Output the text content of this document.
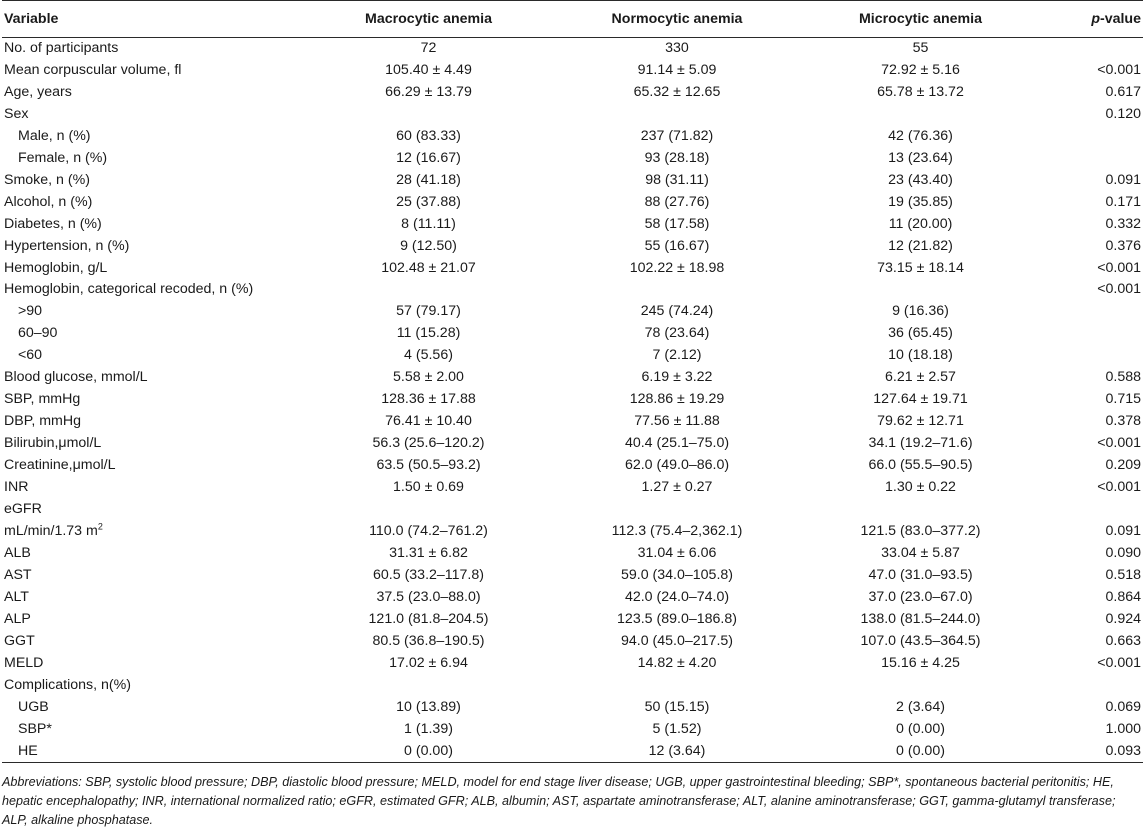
Variable	Macrocytic anemia	Normocytic anemia	Microcytic anemia	p-value
No. of participants	72	330	55	
Mean corpuscular volume, fl	105.40 ± 4.49	91.14 ± 5.09	72.92 ± 5.16	<0.001
Age, years	66.29 ± 13.79	65.32 ± 12.65	65.78 ± 13.72	0.617
Sex				0.120
Male, n (%)	60 (83.33)	237 (71.82)	42 (76.36)	
Female, n (%)	12 (16.67)	93 (28.18)	13 (23.64)	
Smoke, n (%)	28 (41.18)	98 (31.11)	23 (43.40)	0.091
Alcohol, n (%)	25 (37.88)	88 (27.76)	19 (35.85)	0.171
Diabetes, n (%)	8 (11.11)	58 (17.58)	11 (20.00)	0.332
Hypertension, n (%)	9 (12.50)	55 (16.67)	12 (21.82)	0.376
Hemoglobin, g/L	102.48 ± 21.07	102.22 ± 18.98	73.15 ± 18.14	<0.001
Hemoglobin, categorical recoded, n (%)				<0.001
>90	57 (79.17)	245 (74.24)	9 (16.36)	
60–90	11 (15.28)	78 (23.64)	36 (65.45)	
<60	4 (5.56)	7 (2.12)	10 (18.18)	
Blood glucose, mmol/L	5.58 ± 2.00	6.19 ± 3.22	6.21 ± 2.57	0.588
SBP, mmHg	128.36 ± 17.88	128.86 ± 19.29	127.64 ± 19.71	0.715
DBP, mmHg	76.41 ± 10.40	77.56 ± 11.88	79.62 ± 12.71	0.378
Bilirubin,μmol/L	56.3 (25.6–120.2)	40.4 (25.1–75.0)	34.1 (19.2–71.6)	<0.001
Creatinine,μmol/L	63.5 (50.5–93.2)	62.0 (49.0–86.0)	66.0 (55.5–90.5)	0.209
INR	1.50 ± 0.69	1.27 ± 0.27	1.30 ± 0.22	<0.001
eGFR				
mL/min/1.73 $m^2$	110.0 (74.2–761.2)	112.3 (75.4–2,362.1)	121.5 (83.0–377.2)	0.091
ALB	31.31 ± 6.82	31.04 ± 6.06	33.04 ± 5.87	0.090
AST	60.5 (33.2–117.8)	59.0 (34.0–105.8)	47.0 (31.0–93.5)	0.518
ALT	37.5 (23.0–88.0)	42.0 (24.0–74.0)	37.0 (23.0–67.0)	0.864
ALP	121.0 (81.8–204.5)	123.5 (89.0–186.8)	138.0 (81.5–244.0)	0.924
GGT	80.5 (36.8–190.5)	94.0 (45.0–217.5)	107.0 (43.5–364.5)	0.663
MELD	17.02 ± 6.94	14.82 ± 4.20	15.16 ± 4.25	<0.001
Complications, n(%)				
UGB	10 (13.89)	50 (15.15)	2 (3.64)	0.069
SBP*	1 (1.39)	5 (1.52)	0 (0.00)	1.000
HE	0 (0.00)	12 (3.64)	0 (0.00)	0.093
Abbreviations: SBP, systolic blood pressure; DBP, diastolic blood pressure; MELD, model for end stage liver disease; UGB, upper gastrointestinal bleeding; SBP*, spontaneous bacterial peritonitis; HE, hepatic encephalopathy; INR, international normalized ratio; eGFR, estimated GFR; ALB, albumin; AST, aspartate aminotransferase; ALT, alanine aminotransferase; GGT, gamma-glutamyl transferase; ALP, alkaline phosphatase.
